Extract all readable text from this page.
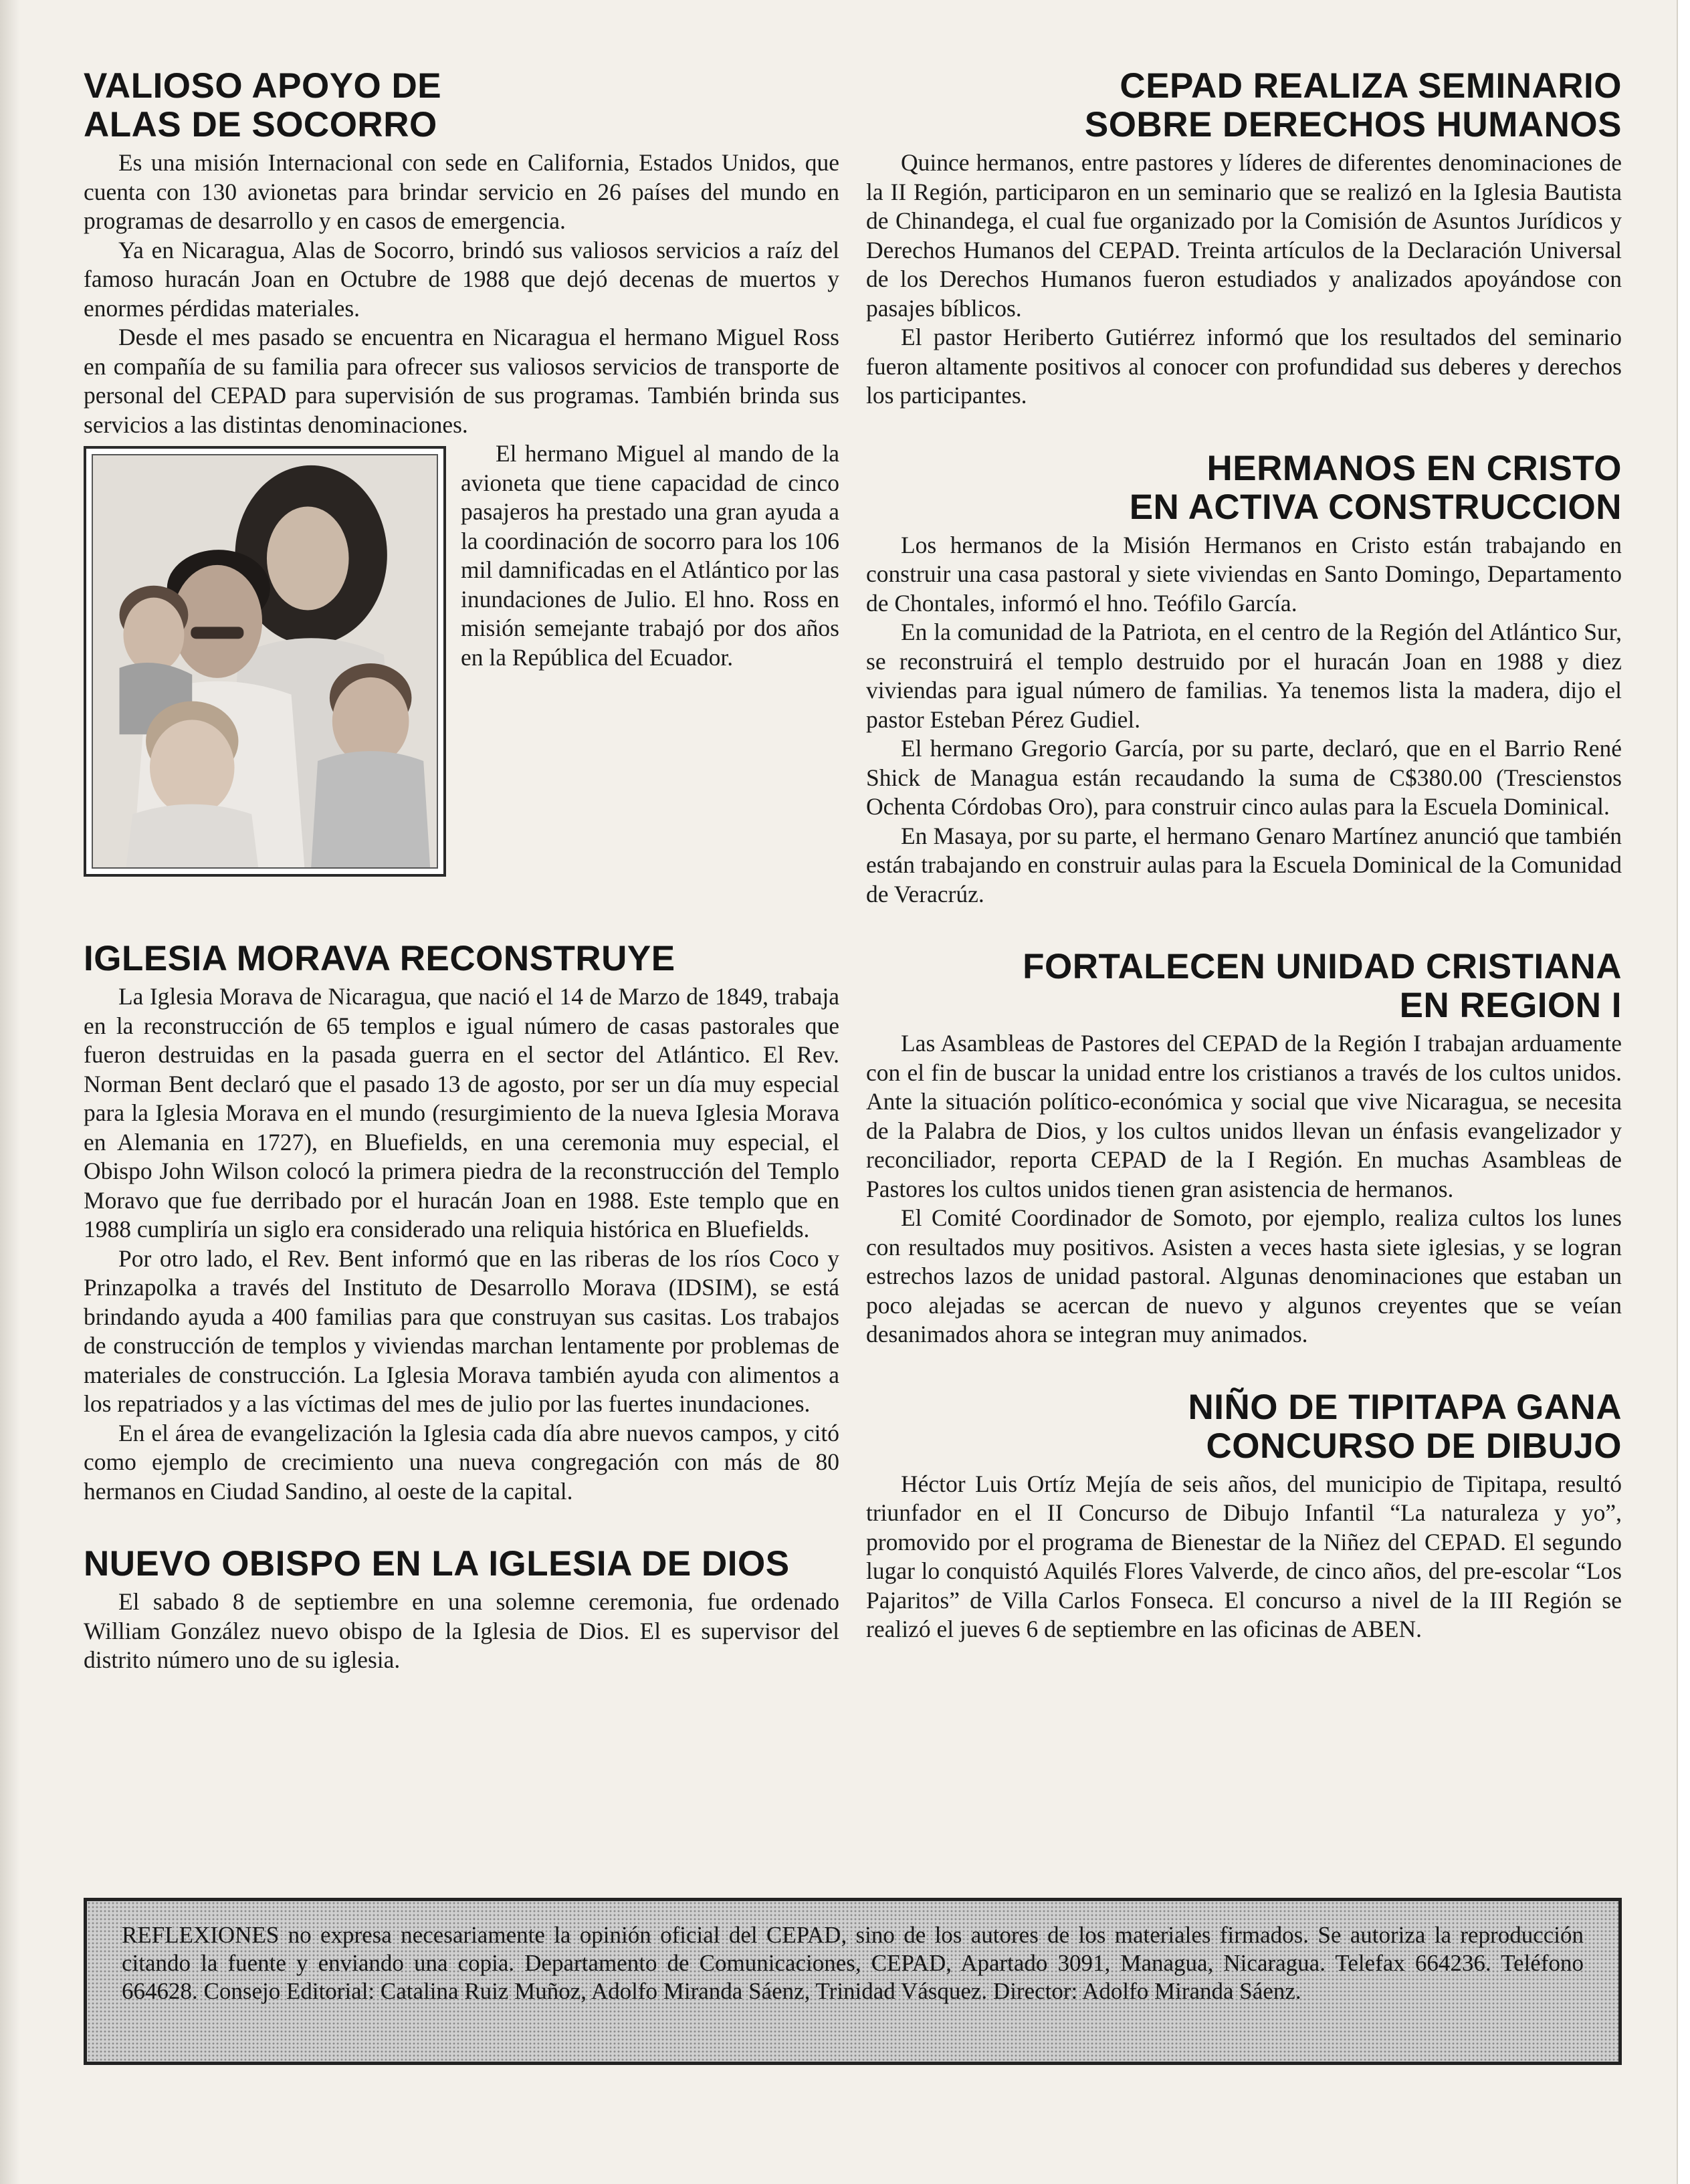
VALIOSO APOYO DE
ALAS DE SOCORRO

Es una misión Internacional con sede en California, Estados Unidos, que cuenta con 130 avionetas para brindar servicio en 26 países del mundo en programas de desarrollo y en casos de emergencia.

Ya en Nicaragua, Alas de Socorro, brindó sus valiosos servicios a raíz del famoso huracán Joan en Octubre de 1988 que dejó decenas de muertos y enormes pérdidas materiales.

Desde el mes pasado se encuentra en Nicaragua el hermano Miguel Ross en compañía de su familia para ofrecer sus valiosos servicios de transporte de personal del CEPAD para supervisión de sus programas. También brinda sus servicios a las distintas denominaciones.

El hermano Miguel al mando de la avioneta que tiene capacidad de cinco pasajeros ha prestado una gran ayuda a la coordinación de socorro para los 106 mil damnificadas en el Atlántico por las inundaciones de Julio. El hno. Ross en misión semejante trabajó por dos años en la República del Ecuador.

IGLESIA MORAVA RECONSTRUYE

La Iglesia Morava de Nicaragua, que nació el 14 de Marzo de 1849, trabaja en la reconstrucción de 65 templos e igual número de casas pastorales que fueron destruidas en la pasada guerra en el sector del Atlántico. El Rev. Norman Bent declaró que el pasado 13 de agosto, por ser un día muy especial para la Iglesia Morava en el mundo (resurgimiento de la nueva Iglesia Morava en Alemania en 1727), en Bluefields, en una ceremonia muy especial, el Obispo John Wilson colocó la primera piedra de la reconstrucción del Templo Moravo que fue derribado por el huracán Joan en 1988. Este templo que en 1988 cumpliría un siglo era considerado una reliquia histórica en Bluefields.

Por otro lado, el Rev. Bent informó que en las riberas de los ríos Coco y Prinzapolka a través del Instituto de Desarrollo Morava (IDSIM), se está brindando ayuda a 400 familias para que construyan sus casitas. Los trabajos de construcción de templos y viviendas marchan lentamente por problemas de materiales de construcción. La Iglesia Morava también ayuda con alimentos a los repatriados y a las víctimas del mes de julio por las fuertes inundaciones.

En el área de evangelización la Iglesia cada día abre nuevos campos, y citó como ejemplo de crecimiento una nueva congregación con más de 80 hermanos en Ciudad Sandino, al oeste de la capital.

NUEVO OBISPO EN LA IGLESIA DE DIOS

El sabado 8 de septiembre en una solemne ceremonia, fue ordenado William González nuevo obispo de la Iglesia de Dios. El es supervisor del distrito número uno de su iglesia.

CEPAD REALIZA SEMINARIO
SOBRE DERECHOS HUMANOS

Quince hermanos, entre pastores y líderes de diferentes denominaciones de la II Región, participaron en un seminario que se realizó en la Iglesia Bautista de Chinandega, el cual fue organizado por la Comisión de Asuntos Jurídicos y Derechos Humanos del CEPAD. Treinta artículos de la Declaración Universal de los Derechos Humanos fueron estudiados y analizados apoyándose con pasajes bíblicos.

El pastor Heriberto Gutiérrez informó que los resultados del seminario fueron altamente positivos al conocer con profundidad sus deberes y derechos los participantes.

HERMANOS EN CRISTO
EN ACTIVA CONSTRUCCION

Los hermanos de la Misión Hermanos en Cristo están trabajando en construir una casa pastoral y siete viviendas en Santo Domingo, Departamento de Chontales, informó el hno. Teófilo García.

En la comunidad de la Patriota, en el centro de la Región del Atlántico Sur, se reconstruirá el templo destruido por el huracán Joan en 1988 y diez viviendas para igual número de familias. Ya tenemos lista la madera, dijo el pastor Esteban Pérez Gudiel.

El hermano Gregorio García, por su parte, declaró, que en el Barrio René Shick de Managua están recaudando la suma de C$380.00 (Trescienstos Ochenta Córdobas Oro), para construir cinco aulas para la Escuela Dominical.

En Masaya, por su parte, el hermano Genaro Martínez anunció que también están trabajando en construir aulas para la Escuela Dominical de la Comunidad de Veracrúz.

FORTALECEN UNIDAD CRISTIANA
EN REGION I

Las Asambleas de Pastores del CEPAD de la Región I trabajan arduamente con el fin de buscar la unidad entre los cristianos a través de los cultos unidos. Ante la situación político-económica y social que vive Nicaragua, se necesita de la Palabra de Dios, y los cultos unidos llevan un énfasis evangelizador y reconciliador, reporta CEPAD de la I Región. En muchas Asambleas de Pastores los cultos unidos tienen gran asistencia de hermanos.

El Comité Coordinador de Somoto, por ejemplo, realiza cultos los lunes con resultados muy positivos. Asisten a veces hasta siete iglesias, y se logran estrechos lazos de unidad pastoral. Algunas denominaciones que estaban un poco alejadas se acercan de nuevo y algunos creyentes que se veían desanimados ahora se integran muy animados.

NIÑO DE TIPITAPA GANA
CONCURSO DE DIBUJO

Héctor Luis Ortíz Mejía de seis años, del municipio de Tipitapa, resultó triunfador en el II Concurso de Dibujo Infantil “La naturaleza y yo”, promovido por el programa de Bienestar de la Niñez del CEPAD. El segundo lugar lo conquistó Aquilés Flores Valverde, de cinco años, del pre-escolar “Los Pajaritos” de Villa Carlos Fonseca. El concurso a nivel de la III Región se realizó el jueves 6 de septiembre en las oficinas de ABEN.

REFLEXIONES no expresa necesariamente la opinión oficial del CEPAD, sino de los autores de los materiales firmados. Se autoriza la reproducción citando la fuente y enviando una copia. Departamento de Comunicaciones, CEPAD, Apartado 3091, Managua, Nicaragua. Telefax 664236. Teléfono 664628. Consejo Editorial: Catalina Ruiz Muñoz, Adolfo Miranda Sáenz, Trinidad Vásquez. Director: Adolfo Miranda Sáenz.
